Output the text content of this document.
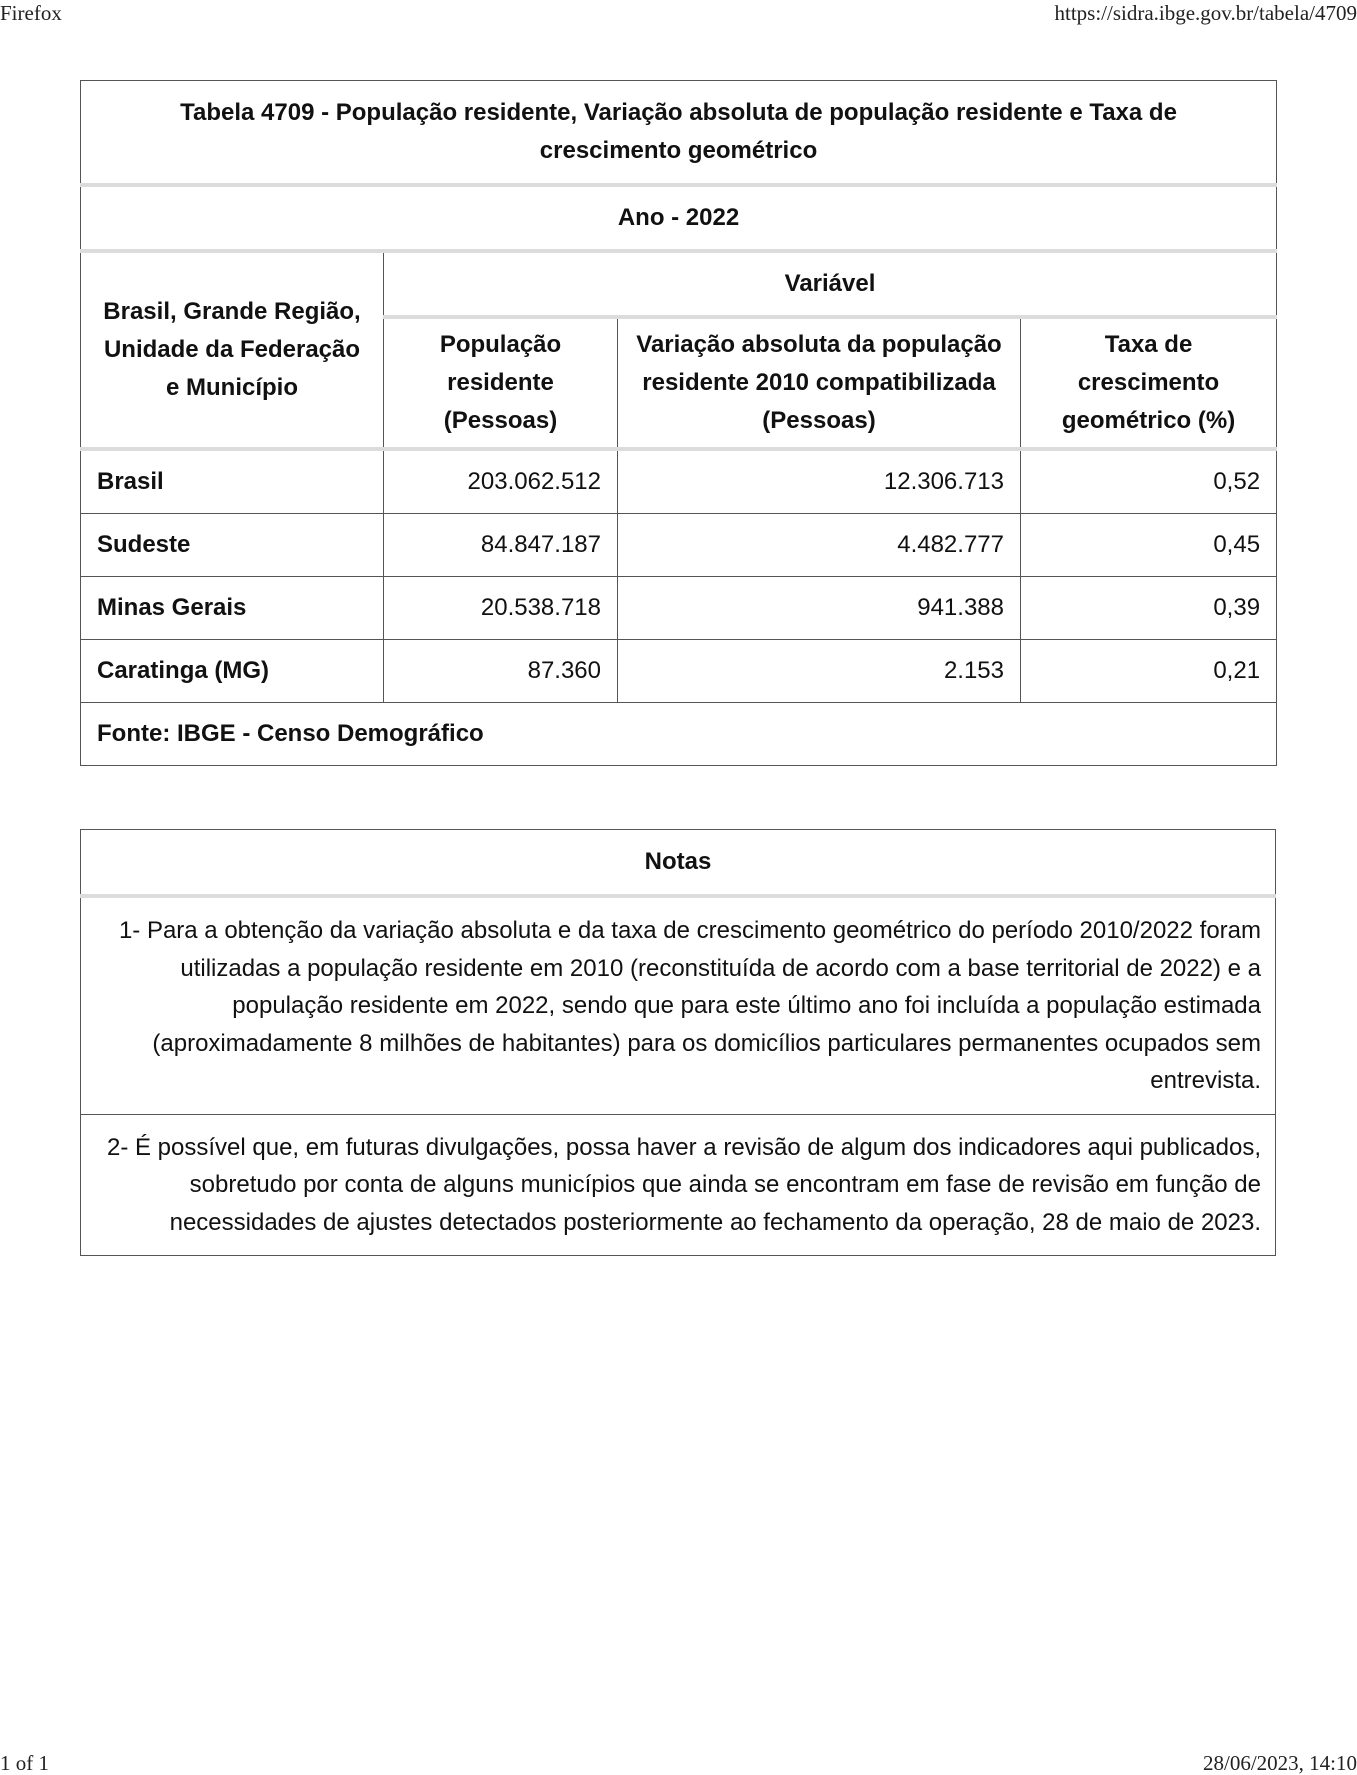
Firefox	https://sidra.ibge.gov.br/tabela/4709
Tabela 4709 - População residente, Variação absoluta de população residente e Taxa de crescimento geométrico			
Ano - 2022			
Brasil, Grande Região, Unidade da Federação e Município	Variável		
	População residente (Pessoas)	Variação absoluta da população residente 2010 compatibilizada (Pessoas)	Taxa de crescimento geométrico (%)
Brasil	203.062.512	12.306.713	0,52
Sudeste	84.847.187	4.482.777	0,45
Minas Gerais	20.538.718	941.388	0,39
Caratinga (MG)	87.360	2.153	0,21
Fonte: IBGE - Censo Demográfico			
Notas

1- Para a obtenção da variação absoluta e da taxa de crescimento geométrico do período 2010/2022 foram utilizadas a população residente em 2010 (reconstituída de acordo com a base territorial de 2022) e a população residente em 2022, sendo que para este último ano foi incluída a população estimada (aproximadamente 8 milhões de habitantes) para os domicílios particulares permanentes ocupados sem entrevista.

2- É possível que, em futuras divulgações, possa haver a revisão de algum dos indicadores aqui publicados, sobretudo por conta de alguns municípios que ainda se encontram em fase de revisão em função de necessidades de ajustes detectados posteriormente ao fechamento da operação, 28 de maio de 2023.
1 of 1	28/06/2023, 14:10
